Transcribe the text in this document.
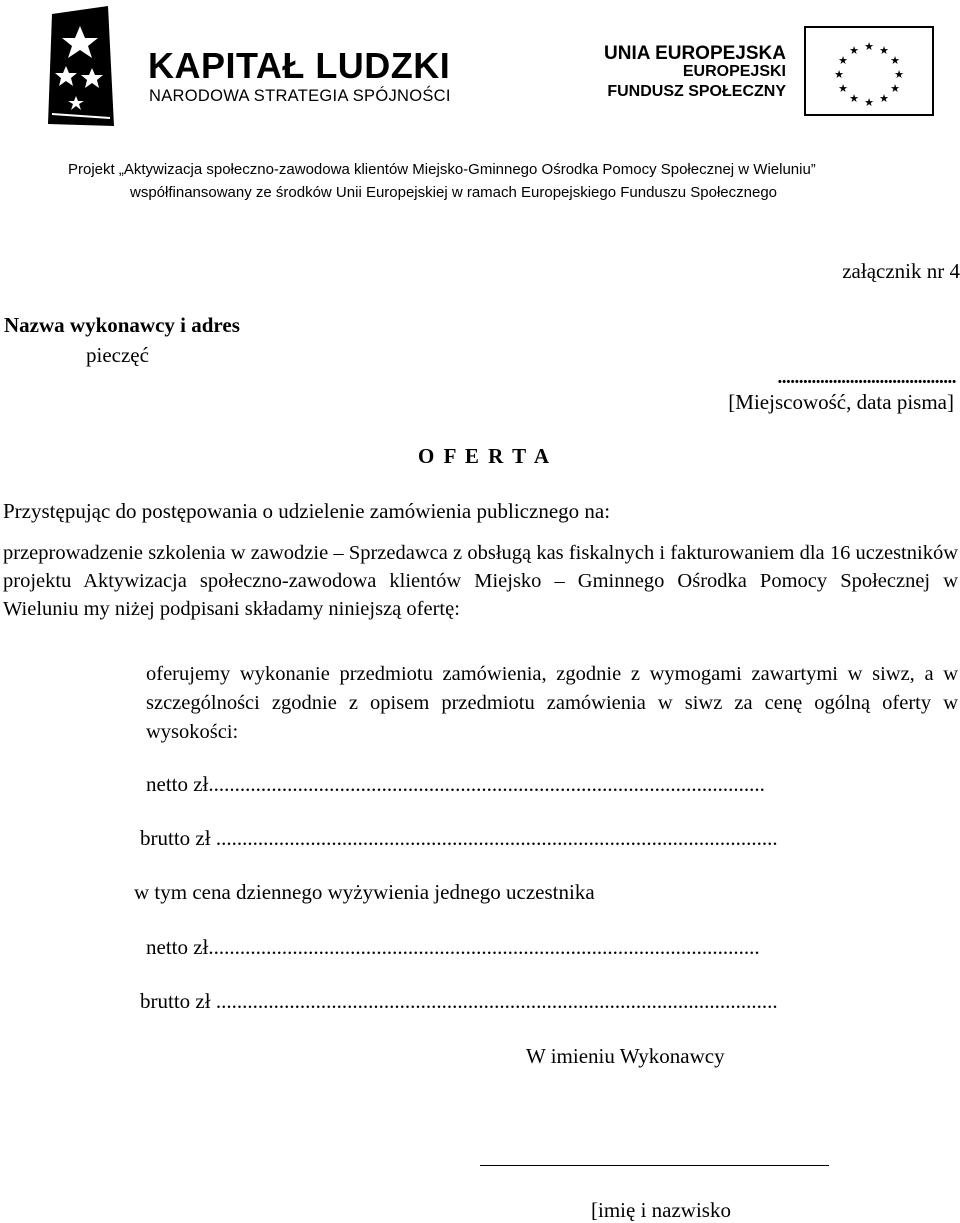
KAPITAŁ LUDZKI
NARODOWA STRATEGIA SPÓJNOŚCI
UNIA EUROPEJSKA
EUROPEJSKI
FUNDUSZ SPOŁECZNY
★ ★
★
★
★
★
★
★
★
★
★
★
Projekt „Aktywizacja społeczno-zawodowa klientów Miejsko-Gminnego Ośrodka Pomocy Społecznej w Wieluniu”
współfinansowany ze środków Unii Europejskiej w ramach Europejskiego Funduszu Społecznego
załącznik nr 4
Nazwa wykonawcy i adres
pieczęć
..........................................
[Miejscowość, data pisma]
O F E R T A
Przystępując do postępowania o udzielenie zamówienia publicznego na:
przeprowadzenie szkolenia w zawodzie – Sprzedawca z obsługą kas fiskalnych i fakturowaniem dla 16 uczestników projektu Aktywizacja społeczno-zawodowa klientów Miejsko – Gminnego Ośrodka Pomocy Społecznej w Wieluniu my niżej podpisani składamy niniejszą ofertę:
oferujemy wykonanie przedmiotu zamówienia, zgodnie z wymogami zawartymi w siwz, a w szczególności zgodnie z opisem przedmiotu zamówienia w siwz za cenę ogólną oferty w wysokości:
netto zł..........................................................................................................
brutto zł ...........................................................................................................
w tym cena dziennego wyżywienia jednego uczestnika
netto zł.........................................................................................................
brutto zł ...........................................................................................................
W imieniu Wykonawcy
[imię i nazwisko
